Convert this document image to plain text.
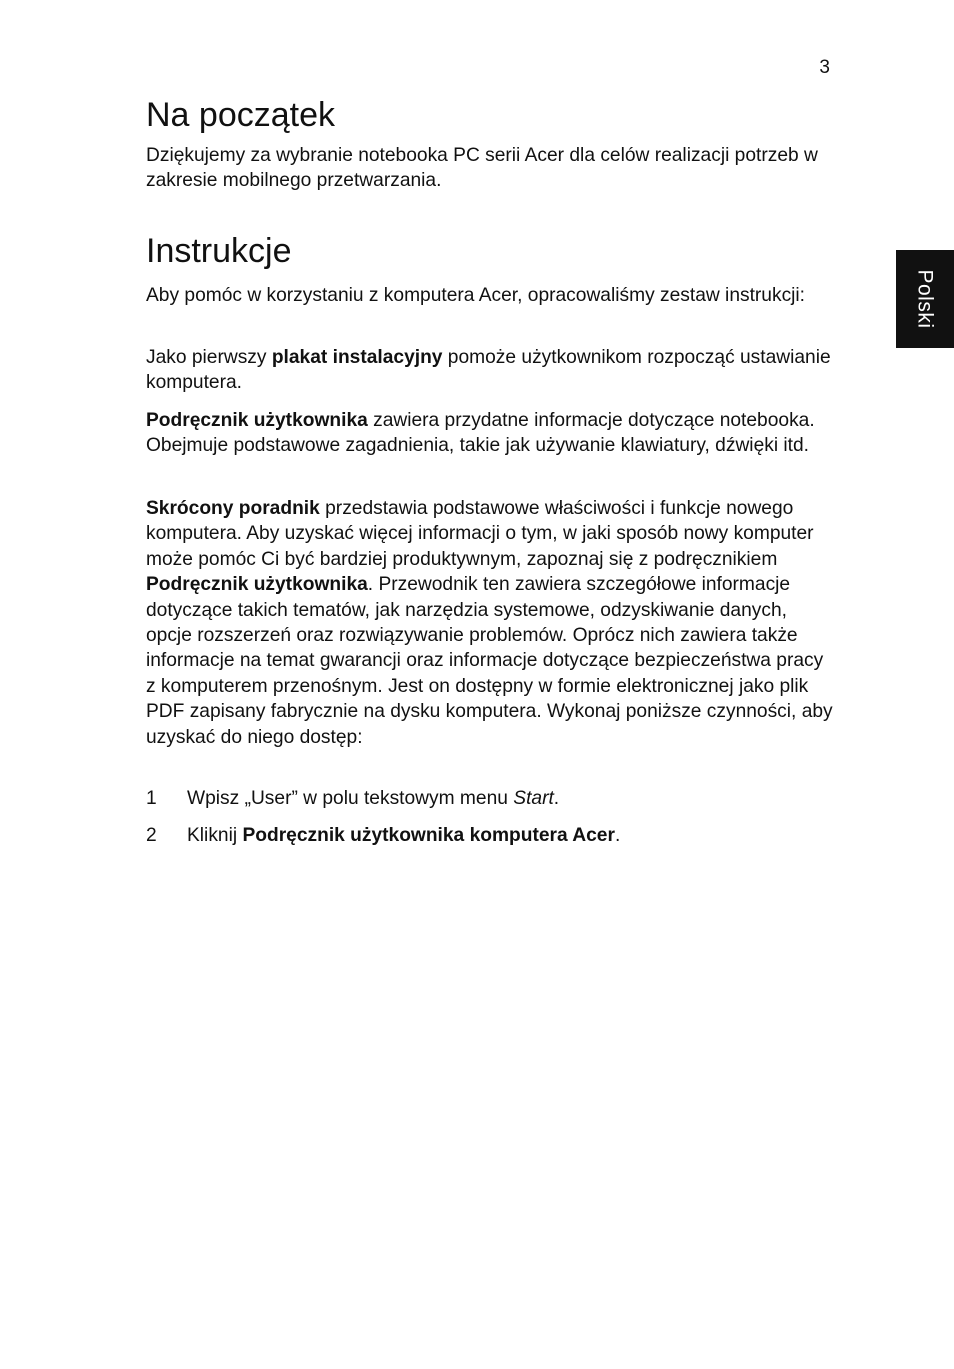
3
Polski
Na początek

Dziękujemy za wybranie notebooka PC serii Acer dla celów realizacji potrzeb w zakresie mobilnego przetwarzania.

Instrukcje

Aby pomóc w korzystaniu z komputera Acer, opracowaliśmy zestaw instrukcji:

Jako pierwszy plakat instalacyjny pomoże użytkownikom rozpocząć ustawianie komputera.

Podręcznik użytkownika zawiera przydatne informacje dotyczące notebooka. Obejmuje podstawowe zagadnienia, takie jak używanie klawiatury, dźwięki itd.

Skrócony poradnik przedstawia podstawowe właściwości i funkcje nowego komputera. Aby uzyskać więcej informacji o tym, w jaki sposób nowy komputer może pomóc Ci być bardziej produktywnym, zapoznaj się z podręcznikiem Podręcznik użytkownika. Przewodnik ten zawiera szczegółowe informacje dotyczące takich tematów, jak narzędzia systemowe, odzyskiwanie danych, opcje rozszerzeń oraz rozwiązywanie problemów. Oprócz nich zawiera także informacje na temat gwarancji oraz informacje dotyczące bezpieczeństwa pracy z komputerem przenośnym. Jest on dostępny w formie elektronicznej jako plik PDF zapisany fabrycznie na dysku komputera. Wykonaj poniższe czynności, aby uzyskać do niego dostęp:

1	Wpisz „User” w polu tekstowym menu Start.
2	Kliknij Podręcznik użytkownika komputera Acer.
